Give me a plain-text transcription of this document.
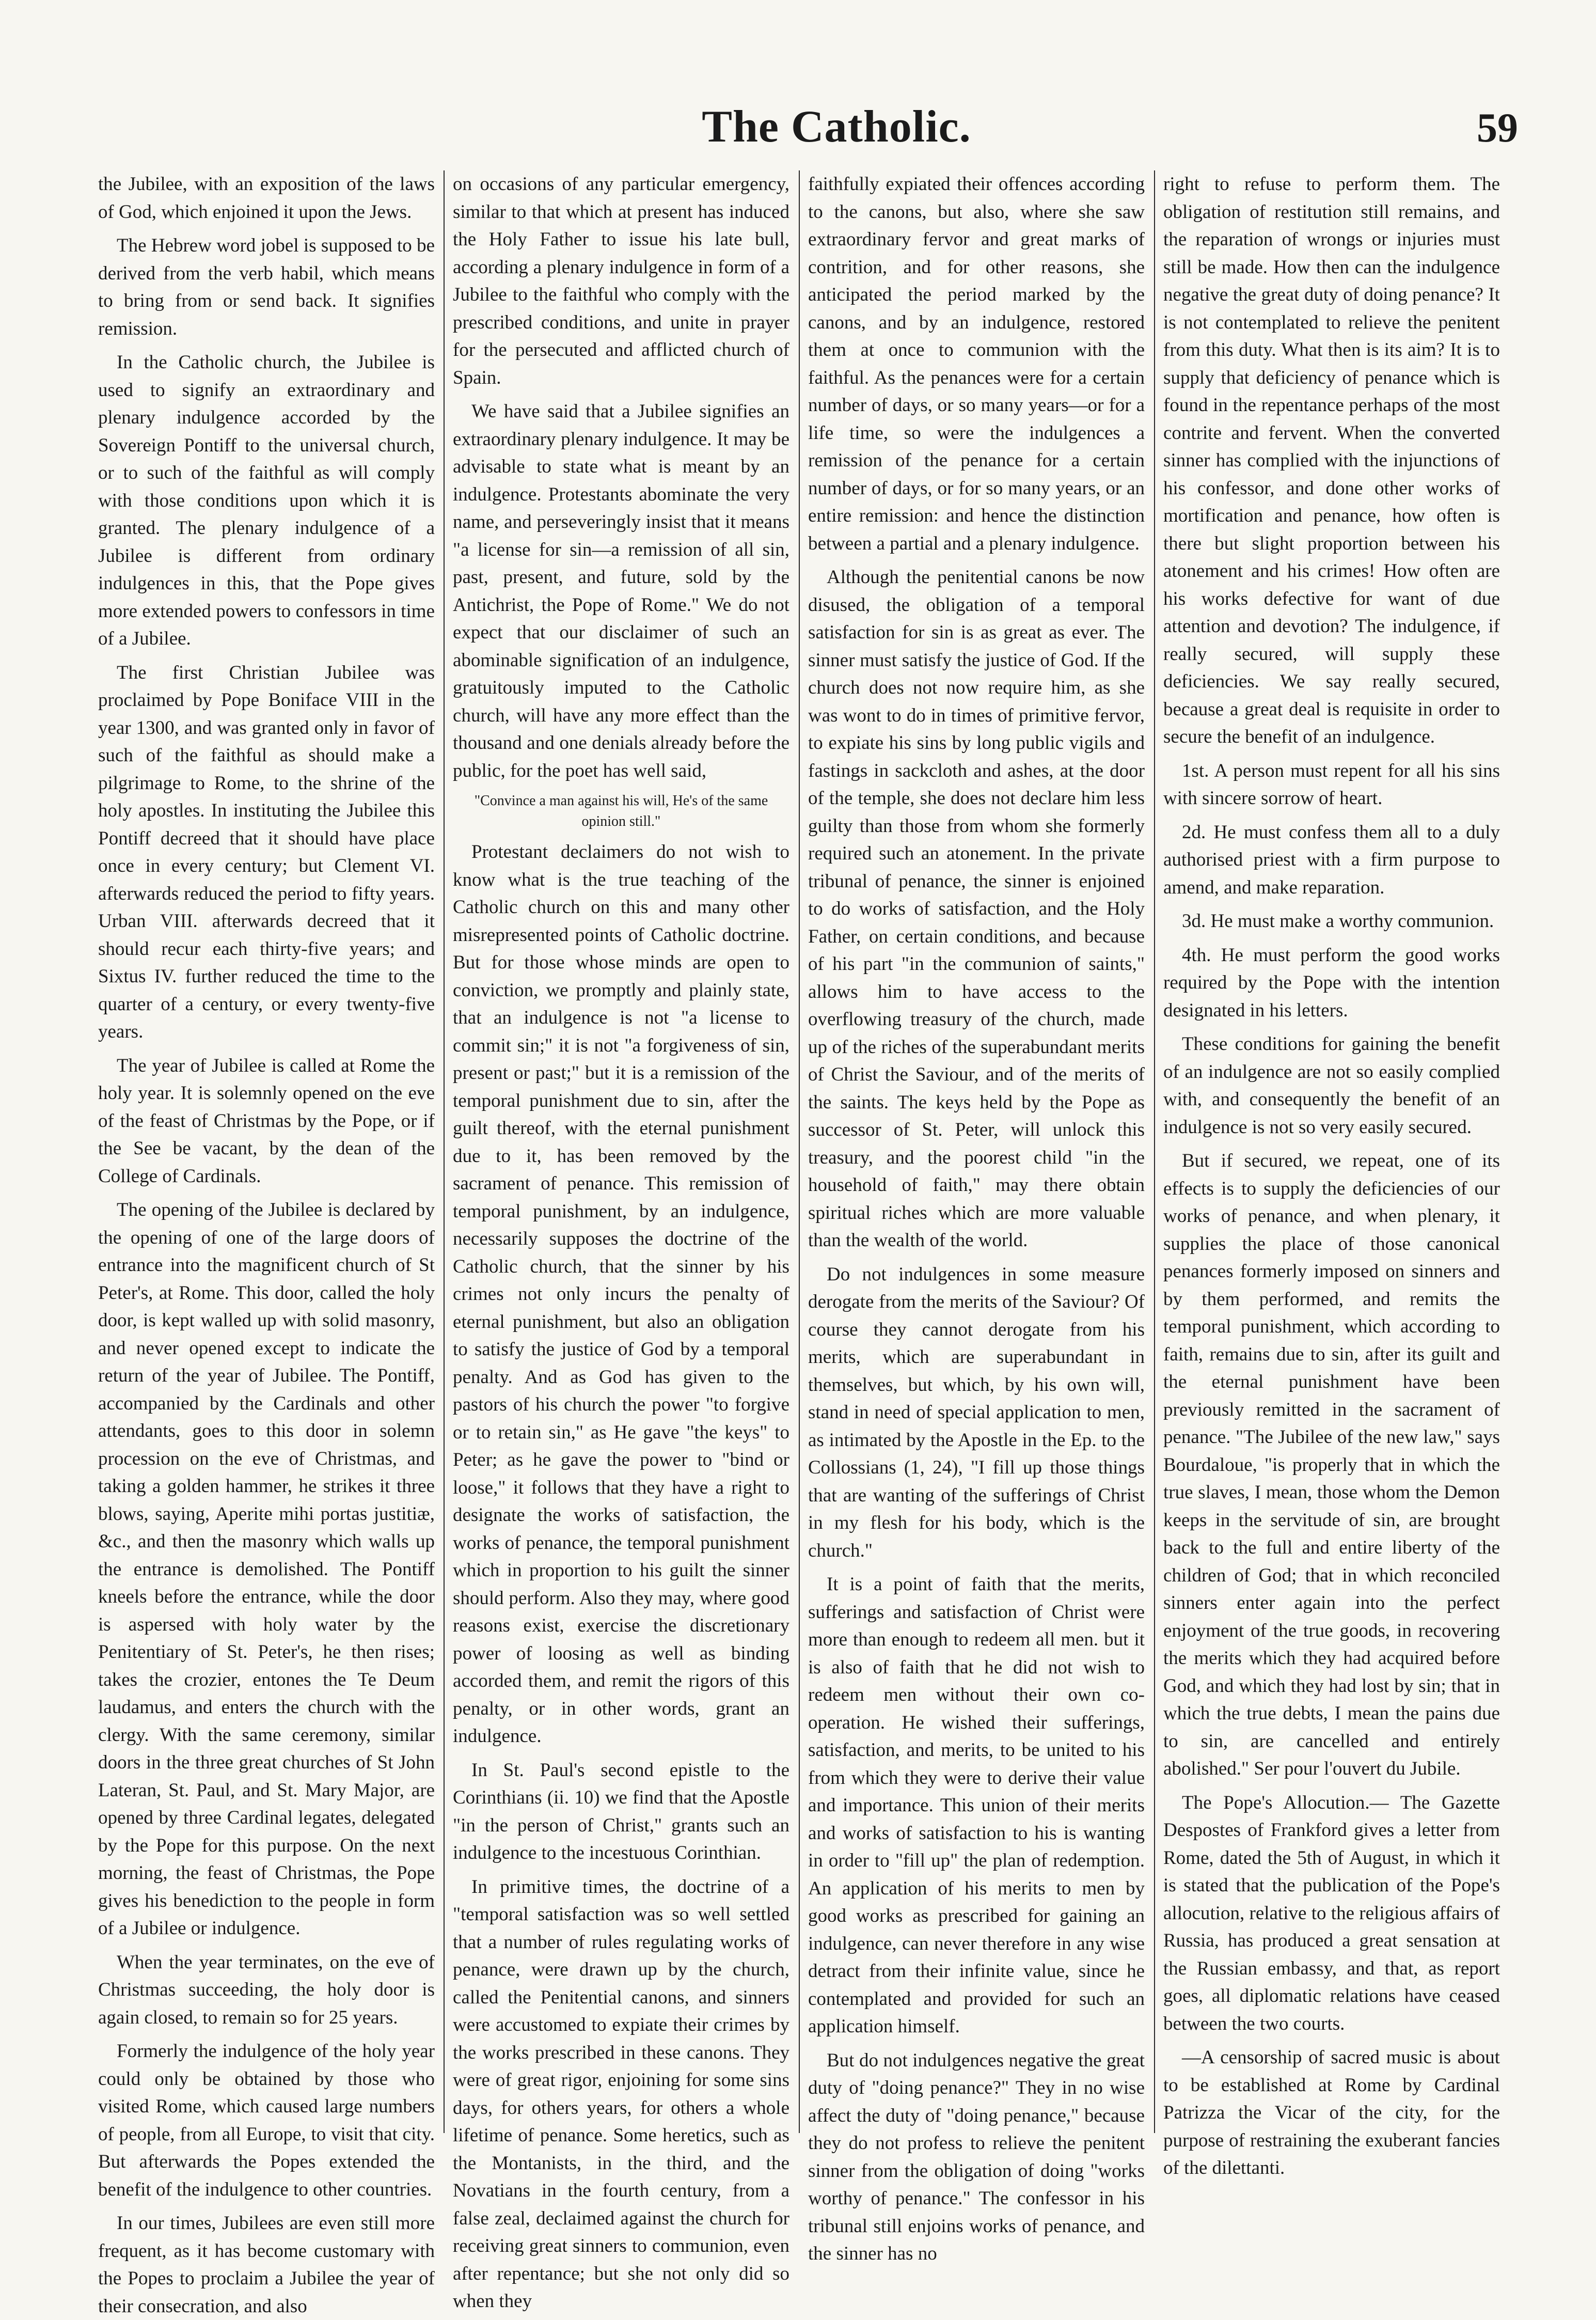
The Catholic.	59

the Jubilee, with an exposition of the laws of God, which enjoined it upon the Jews.

The Hebrew word jobel is supposed to be derived from the verb habil, which means to bring from or send back. It signifies remission.

In the Catholic church, the Jubilee is used to signify an extraordinary and plenary indulgence accorded by the Sovereign Pontiff to the universal church, or to such of the faithful as will comply with those conditions upon which it is granted. The plenary indulgence of a Jubilee is different from ordinary indulgences in this, that the Pope gives more extended powers to confessors in time of a Jubilee.

The first Christian Jubilee was proclaimed by Pope Boniface VIII in the year 1300, and was granted only in favor of such of the faithful as should make a pilgrimage to Rome, to the shrine of the holy apostles. In instituting the Jubilee this Pontiff decreed that it should have place once in every century; but Clement VI. afterwards reduced the period to fifty years. Urban VIII. afterwards decreed that it should recur each thirty-five years; and Sixtus IV. further reduced the time to the quarter of a century, or every twenty-five years.

The year of Jubilee is called at Rome the holy year. It is solemnly opened on the eve of the feast of Christmas by the Pope, or if the See be vacant, by the dean of the College of Cardinals.

The opening of the Jubilee is declared by the opening of one of the large doors of entrance into the magnificent church of St Peter's, at Rome. This door, called the holy door, is kept walled up with solid masonry, and never opened except to indicate the return of the year of Jubilee. The Pontiff, accompanied by the Cardinals and other attendants, goes to this door in solemn procession on the eve of Christmas, and taking a golden hammer, he strikes it three blows, saying, Aperite mihi portas justitiæ, &c., and then the masonry which walls up the entrance is demolished. The Pontiff kneels before the entrance, while the door is aspersed with holy water by the Penitentiary of St. Peter's, he then rises; takes the crozier, entones the Te Deum laudamus, and enters the church with the clergy. With the same ceremony, similar doors in the three great churches of St John Lateran, St. Paul, and St. Mary Major, are opened by three Cardinal legates, delegated by the Pope for this purpose. On the next morning, the feast of Christmas, the Pope gives his benediction to the people in form of a Jubilee or indulgence.

When the year terminates, on the eve of Christmas succeeding, the holy door is again closed, to remain so for 25 years.

Formerly the indulgence of the holy year could only be obtained by those who visited Rome, which caused large numbers of people, from all Europe, to visit that city. But afterwards the Popes extended the benefit of the indulgence to other countries.

In our times, Jubilees are even still more frequent, as it has become customary with the Popes to proclaim a Jubilee the year of their consecration, and also

on occasions of any particular emergency, similar to that which at present has induced the Holy Father to issue his late bull, according a plenary indulgence in form of a Jubilee to the faithful who comply with the prescribed conditions, and unite in prayer for the persecuted and afflicted church of Spain.

We have said that a Jubilee signifies an extraordinary plenary indulgence. It may be advisable to state what is meant by an indulgence. Protestants abominate the very name, and perseveringly insist that it means "a license for sin—a remission of all sin, past, present, and future, sold by the Antichrist, the Pope of Rome." We do not expect that our disclaimer of such an abominable signification of an indulgence, gratuitously imputed to the Catholic church, will have any more effect than the thousand and one denials already before the public, for the poet has well said,

"Convince a man against his will, He's of the same opinion still."

Protestant declaimers do not wish to know what is the true teaching of the Catholic church on this and many other misrepresented points of Catholic doctrine. But for those whose minds are open to conviction, we promptly and plainly state, that an indulgence is not "a license to commit sin;" it is not "a forgiveness of sin, present or past;" but it is a remission of the temporal punishment due to sin, after the guilt thereof, with the eternal punishment due to it, has been removed by the sacrament of penance. This remission of temporal punishment, by an indulgence, necessarily supposes the doctrine of the Catholic church, that the sinner by his crimes not only incurs the penalty of eternal punishment, but also an obligation to satisfy the justice of God by a temporal penalty. And as God has given to the pastors of his church the power "to forgive or to retain sin," as He gave "the keys" to Peter; as he gave the power to "bind or loose," it follows that they have a right to designate the works of satisfaction, the works of penance, the temporal punishment which in proportion to his guilt the sinner should perform. Also they may, where good reasons exist, exercise the discretionary power of loosing as well as binding accorded them, and remit the rigors of this penalty, or in other words, grant an indulgence.

In St. Paul's second epistle to the Corinthians (ii. 10) we find that the Apostle "in the person of Christ," grants such an indulgence to the incestuous Corinthian.

In primitive times, the doctrine of a "temporal satisfaction was so well settled that a number of rules regulating works of penance, were drawn up by the church, called the Penitential canons, and sinners were accustomed to expiate their crimes by the works prescribed in these canons. They were of great rigor, enjoining for some sins days, for others years, for others a whole lifetime of penance. Some heretics, such as the Montanists, in the third, and the Novatians in the fourth century, from a false zeal, declaimed against the church for receiving great sinners to communion, even after repentance; but she not only did so when they

faithfully expiated their offences according to the canons, but also, where she saw extraordinary fervor and great marks of contrition, and for other reasons, she anticipated the period marked by the canons, and by an indulgence, restored them at once to communion with the faithful. As the penances were for a certain number of days, or so many years—or for a life time, so were the indulgences a remission of the penance for a certain number of days, or for so many years, or an entire remission: and hence the distinction between a partial and a plenary indulgence.

Although the penitential canons be now disused, the obligation of a temporal satisfaction for sin is as great as ever. The sinner must satisfy the justice of God. If the church does not now require him, as she was wont to do in times of primitive fervor, to expiate his sins by long public vigils and fastings in sackcloth and ashes, at the door of the temple, she does not declare him less guilty than those from whom she formerly required such an atonement. In the private tribunal of penance, the sinner is enjoined to do works of satisfaction, and the Holy Father, on certain conditions, and because of his part "in the communion of saints," allows him to have access to the overflowing treasury of the church, made up of the riches of the superabundant merits of Christ the Saviour, and of the merits of the saints. The keys held by the Pope as successor of St. Peter, will unlock this treasury, and the poorest child "in the household of faith," may there obtain spiritual riches which are more valuable than the wealth of the world.

Do not indulgences in some measure derogate from the merits of the Saviour? Of course they cannot derogate from his merits, which are superabundant in themselves, but which, by his own will, stand in need of special application to men, as intimated by the Apostle in the Ep. to the Collossians (1, 24), "I fill up those things that are wanting of the sufferings of Christ in my flesh for his body, which is the church."

It is a point of faith that the merits, sufferings and satisfaction of Christ were more than enough to redeem all men. but it is also of faith that he did not wish to redeem men without their own co-operation. He wished their sufferings, satisfaction, and merits, to be united to his from which they were to derive their value and importance. This union of their merits and works of satisfaction to his is wanting in order to "fill up" the plan of redemption. An application of his merits to men by good works as prescribed for gaining an indulgence, can never therefore in any wise detract from their infinite value, since he contemplated and provided for such an application himself.

But do not indulgences negative the great duty of "doing penance?" They in no wise affect the duty of "doing penance," because they do not profess to relieve the penitent sinner from the obligation of doing "works worthy of penance." The confessor in his tribunal still enjoins works of penance, and the sinner has no

right to refuse to perform them. The obligation of restitution still remains, and the reparation of wrongs or injuries must still be made. How then can the indulgence negative the great duty of doing penance? It is not contemplated to relieve the penitent from this duty. What then is its aim? It is to supply that deficiency of penance which is found in the repentance perhaps of the most contrite and fervent. When the converted sinner has complied with the injunctions of his confessor, and done other works of mortification and penance, how often is there but slight proportion between his atonement and his crimes! How often are his works defective for want of due attention and devotion? The indulgence, if really secured, will supply these deficiencies. We say really secured, because a great deal is requisite in order to secure the benefit of an indulgence.

1st. A person must repent for all his sins with sincere sorrow of heart.

2d. He must confess them all to a duly authorised priest with a firm purpose to amend, and make reparation.

3d. He must make a worthy communion.

4th. He must perform the good works required by the Pope with the intention designated in his letters.

These conditions for gaining the benefit of an indulgence are not so easily complied with, and consequently the benefit of an indulgence is not so very easily secured.

But if secured, we repeat, one of its effects is to supply the deficiencies of our works of penance, and when plenary, it supplies the place of those canonical penances formerly imposed on sinners and by them performed, and remits the temporal punishment, which according to faith, remains due to sin, after its guilt and the eternal punishment have been previously remitted in the sacrament of penance. "The Jubilee of the new law," says Bourdaloue, "is properly that in which the true slaves, I mean, those whom the Demon keeps in the servitude of sin, are brought back to the full and entire liberty of the children of God; that in which reconciled sinners enter again into the perfect enjoyment of the true goods, in recovering the merits which they had acquired before God, and which they had lost by sin; that in which the true debts, I mean the pains due to sin, are cancelled and entirely abolished." Ser pour l'ouvert du Jubile.

The Pope's Allocution.— The Gazette Despostes of Frankford gives a letter from Rome, dated the 5th of August, in which it is stated that the publication of the Pope's allocution, relative to the religious affairs of Russia, has produced a great sensation at the Russian embassy, and that, as report goes, all diplomatic relations have ceased between the two courts.

—A censorship of sacred music is about to be established at Rome by Cardinal Patrizza the Vicar of the city, for the purpose of restraining the exuberant fancies of the dilettanti.
